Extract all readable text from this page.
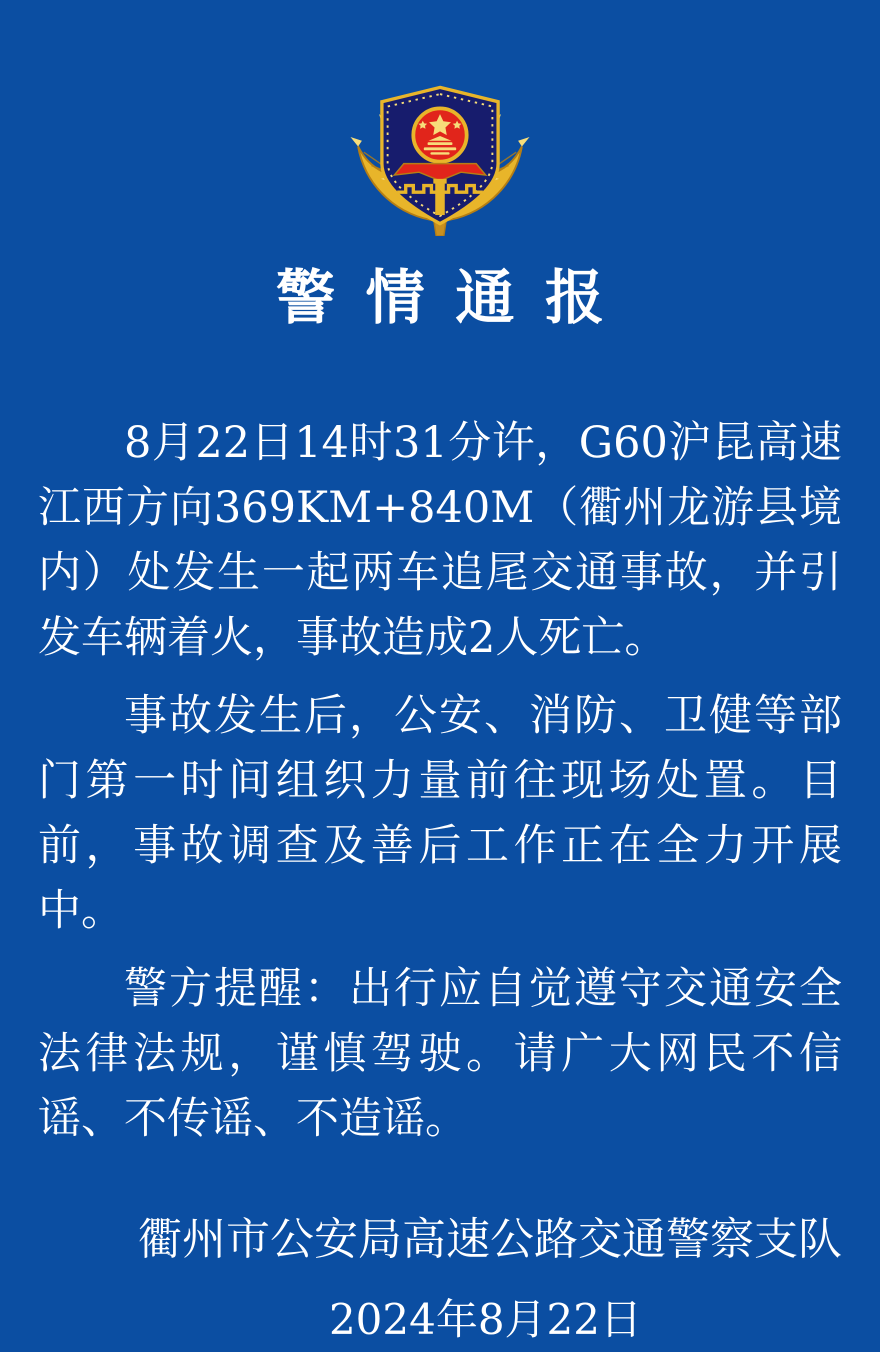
警情通报

8月22日14时31分许，G60沪昆高速江西方向369KM+840M（衢州龙游县境内）处发生一起两车追尾交通事故，并引发车辆着火，事故造成2人死亡。

事故发生后，公安、消防、卫健等部门第一时间组织力量前往现场处置。目前，事故调查及善后工作正在全力开展中。

警方提醒：出行应自觉遵守交通安全法律法规，谨慎驾驶。请广大网民不信谣、不传谣、不造谣。

衢州市公安局高速公路交通警察支队
2024年8月22日
